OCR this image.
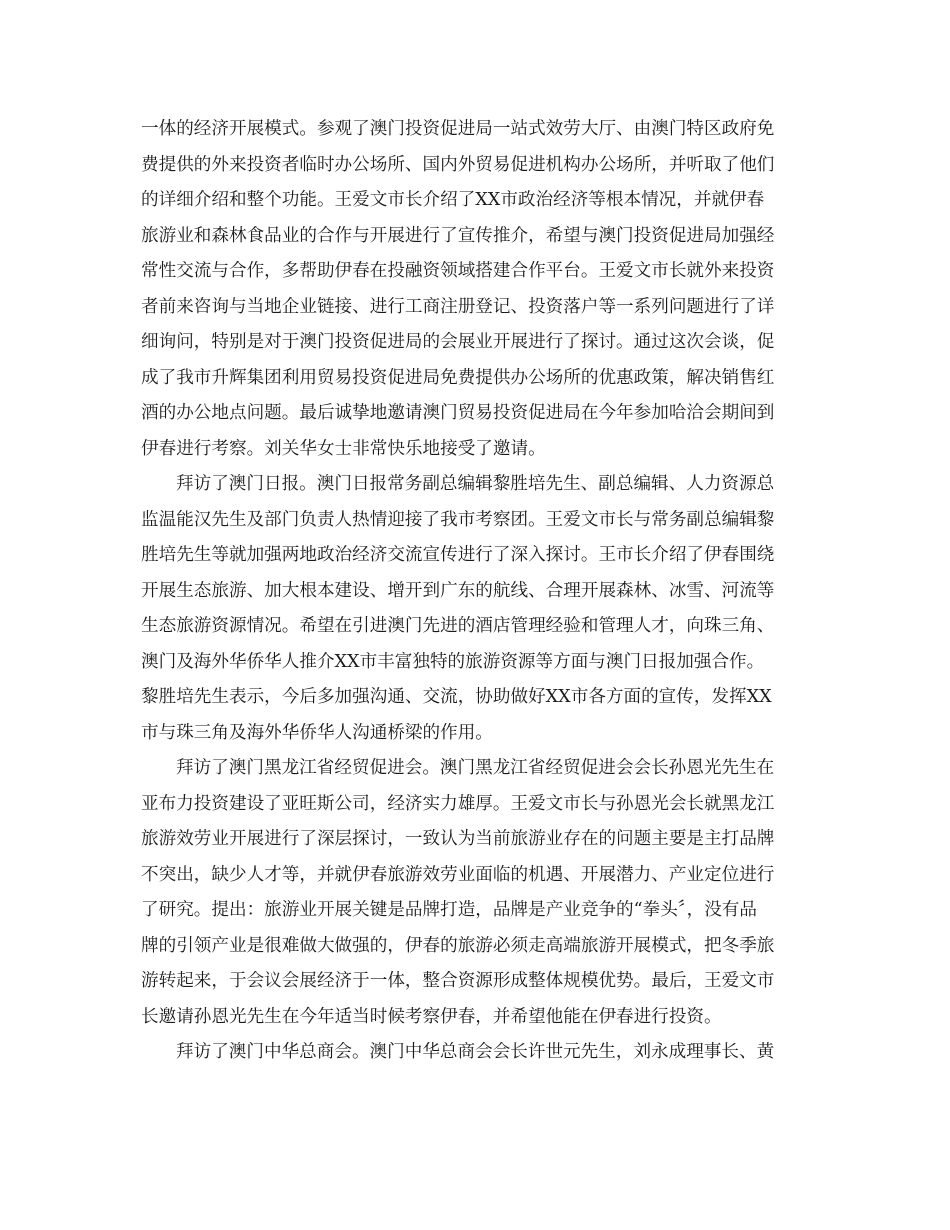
一体的经济开展模式。参观了澳门投资促进局一站式效劳大厅、由澳门特区政府免
费提供的外来投资者临时办公场所、国内外贸易促进机构办公场所，并听取了他们
的详细介绍和整个功能。王爱文市长介绍了XX市政治经济等根本情况，并就伊春
旅游业和森林食品业的合作与开展进行了宣传推介，希望与澳门投资促进局加强经
常性交流与合作，多帮助伊春在投融资领域搭建合作平台。王爱文市长就外来投资
者前来咨询与当地企业链接、进行工商注册登记、投资落户等一系列问题进行了详
细询问，特别是对于澳门投资促进局的会展业开展进行了探讨。通过这次会谈，促
成了我市升辉集团利用贸易投资促进局免费提供办公场所的优惠政策，解决销售红
酒的办公地点问题。最后诚挚地邀请澳门贸易投资促进局在今年参加哈洽会期间到
伊春进行考察。刘关华女士非常快乐地接受了邀请。
拜访了澳门日报。澳门日报常务副总编辑黎胜培先生、副总编辑、人力资源总
监温能汉先生及部门负责人热情迎接了我市考察团。王爱文市长与常务副总编辑黎
胜培先生等就加强两地政治经济交流宣传进行了深入探讨。王市长介绍了伊春围绕
开展生态旅游、加大根本建设、增开到广东的航线、合理开展森林、冰雪、河流等
生态旅游资源情况。希望在引进澳门先进的酒店管理经验和管理人才，向珠三角、
澳门及海外华侨华人推介XX市丰富独特的旅游资源等方面与澳门日报加强合作。
黎胜培先生表示，今后多加强沟通、交流，协助做好XX市各方面的宣传，发挥XX
市与珠三角及海外华侨华人沟通桥梁的作用。
拜访了澳门黑龙江省经贸促进会。澳门黑龙江省经贸促进会会长孙恩光先生在
亚布力投资建设了亚旺斯公司，经济实力雄厚。王爱文市长与孙恩光会长就黑龙江
旅游效劳业开展进行了深层探讨，一致认为当前旅游业存在的问题主要是主打品牌
不突出，缺少人才等，并就伊春旅游效劳业面临的机遇、开展潜力、产业定位进行
了研究。提出：旅游业开展关键是品牌打造，品牌是产业竞争的“拳头〞，没有品
牌的引领产业是很难做大做强的，伊春的旅游必须走高端旅游开展模式，把冬季旅
游转起来，于会议会展经济于一体，整合资源形成整体规模优势。最后，王爱文市
长邀请孙恩光先生在今年适当时候考察伊春，并希望他能在伊春进行投资。
拜访了澳门中华总商会。澳门中华总商会会长许世元先生，刘永成理事长、黄
